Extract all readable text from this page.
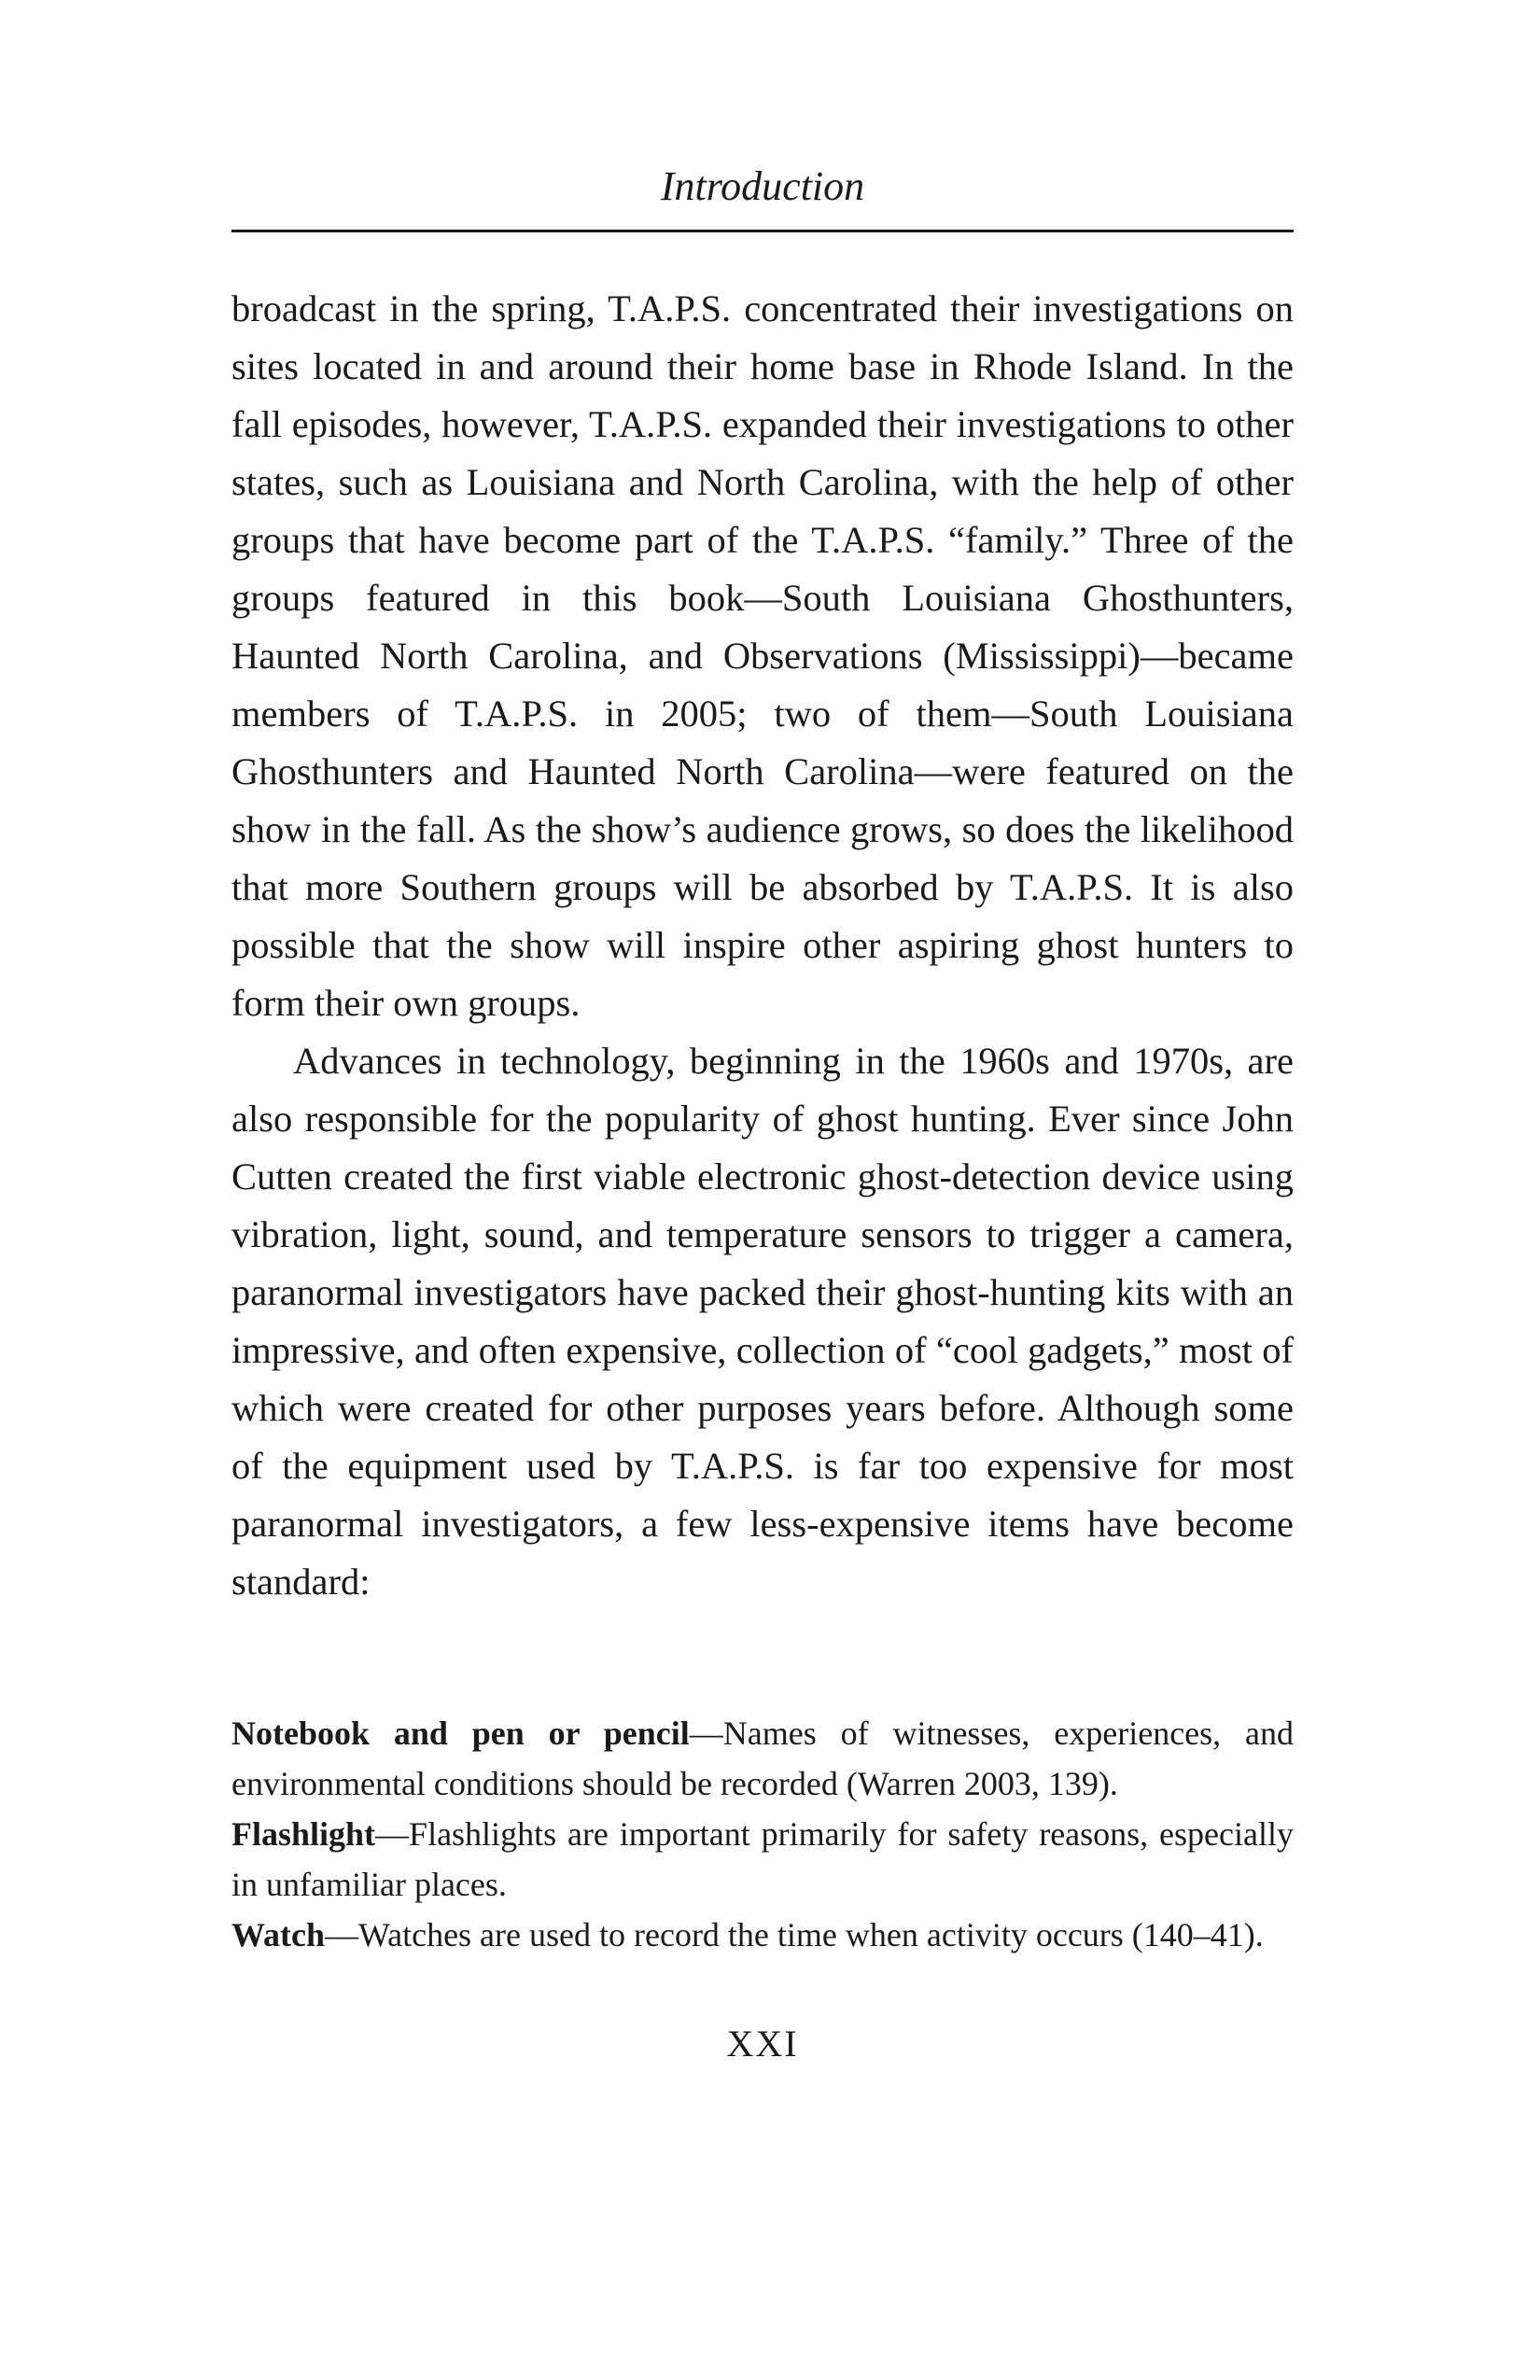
Introduction

broadcast in the spring, T.A.P.S. concentrated their investigations on sites located in and around their home base in Rhode Island. In the fall episodes, however, T.A.P.S. expanded their investigations to other states, such as Louisiana and North Carolina, with the help of other groups that have become part of the T.A.P.S. “family.” Three of the groups featured in this book—South Louisiana Ghosthunters, Haunted North Carolina, and Observations (Mississippi)—became members of T.A.P.S. in 2005; two of them—South Louisiana Ghosthunters and Haunted North Carolina—were featured on the show in the fall. As the show’s audience grows, so does the likelihood that more Southern groups will be absorbed by T.A.P.S. It is also possible that the show will inspire other aspiring ghost hunters to form their own groups.

Advances in technology, beginning in the 1960s and 1970s, are also responsible for the popularity of ghost hunting. Ever since John Cutten created the first viable electronic ghost-detection device using vibration, light, sound, and temperature sensors to trigger a camera, paranormal investigators have packed their ghost-hunting kits with an impressive, and often expensive, collection of “cool gadgets,” most of which were created for other purposes years before. Although some of the equipment used by T.A.P.S. is far too expensive for most paranormal investigators, a few less-expensive items have become standard:

Notebook and pen or pencil—Names of witnesses, experiences, and environmental conditions should be recorded (Warren 2003, 139).

Flashlight—Flashlights are important primarily for safety reasons, especially in unfamiliar places.

Watch—Watches are used to record the time when activity occurs (140–41).

XXI
